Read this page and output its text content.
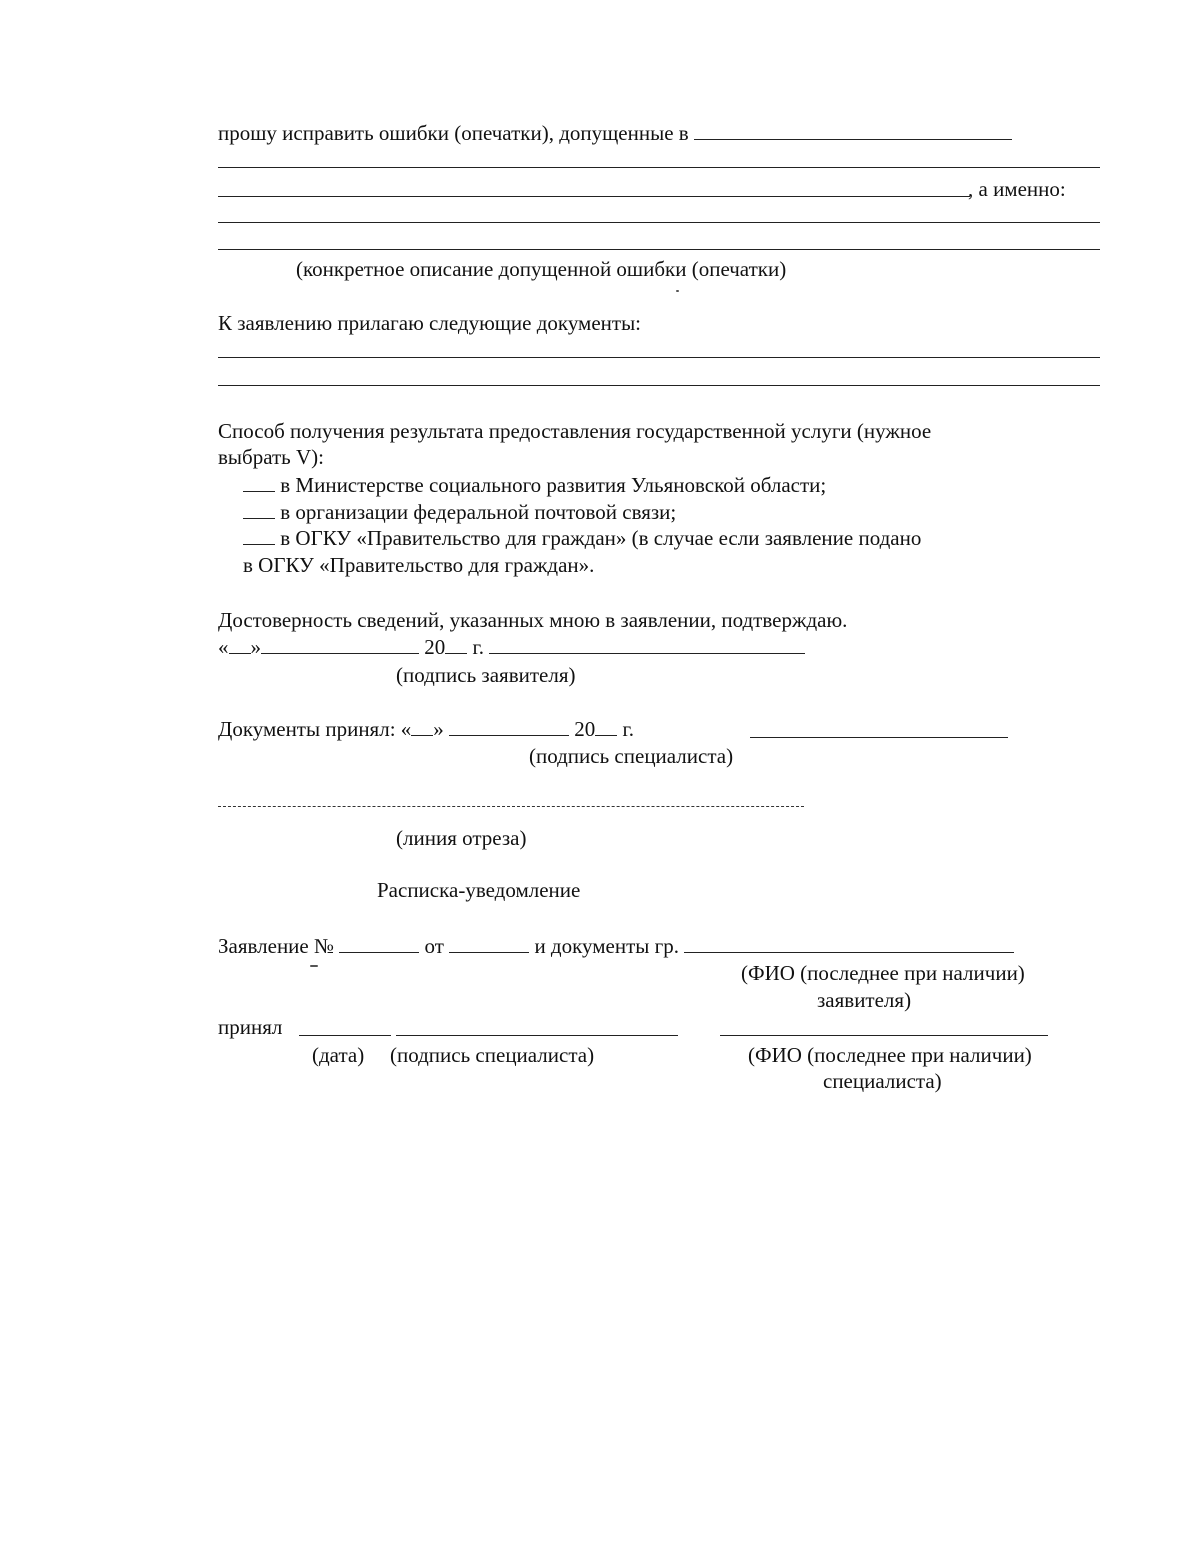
прошу исправить ошибки (опечатки), допущенные в
, а именно:
(конкретное описание допущенной ошибки (опечатки)
К заявлению прилагаю следующие документы:
Способ получения результата предоставления государственной услуги (нужное
выбрать V):
в Министерстве социального развития Ульяновской области;
в организации федеральной почтовой связи;
в ОГКУ «Правительство для граждан» (в случае если заявление подано
в ОГКУ «Правительство для граждан».
Достоверность сведений, указанных мною в заявлении, подтверждаю.
« »	20 г.
(подпись заявителя)
Документы принял: « »	20 г.
(подпись специалиста)
(линия отреза)
Расписка-уведомление
Заявление №	от	и документы гр.
(ФИО (последнее при наличии)
заявителя)
принял
(дата) (подпись специалиста)	(ФИО (последнее при наличии)
специалиста)
